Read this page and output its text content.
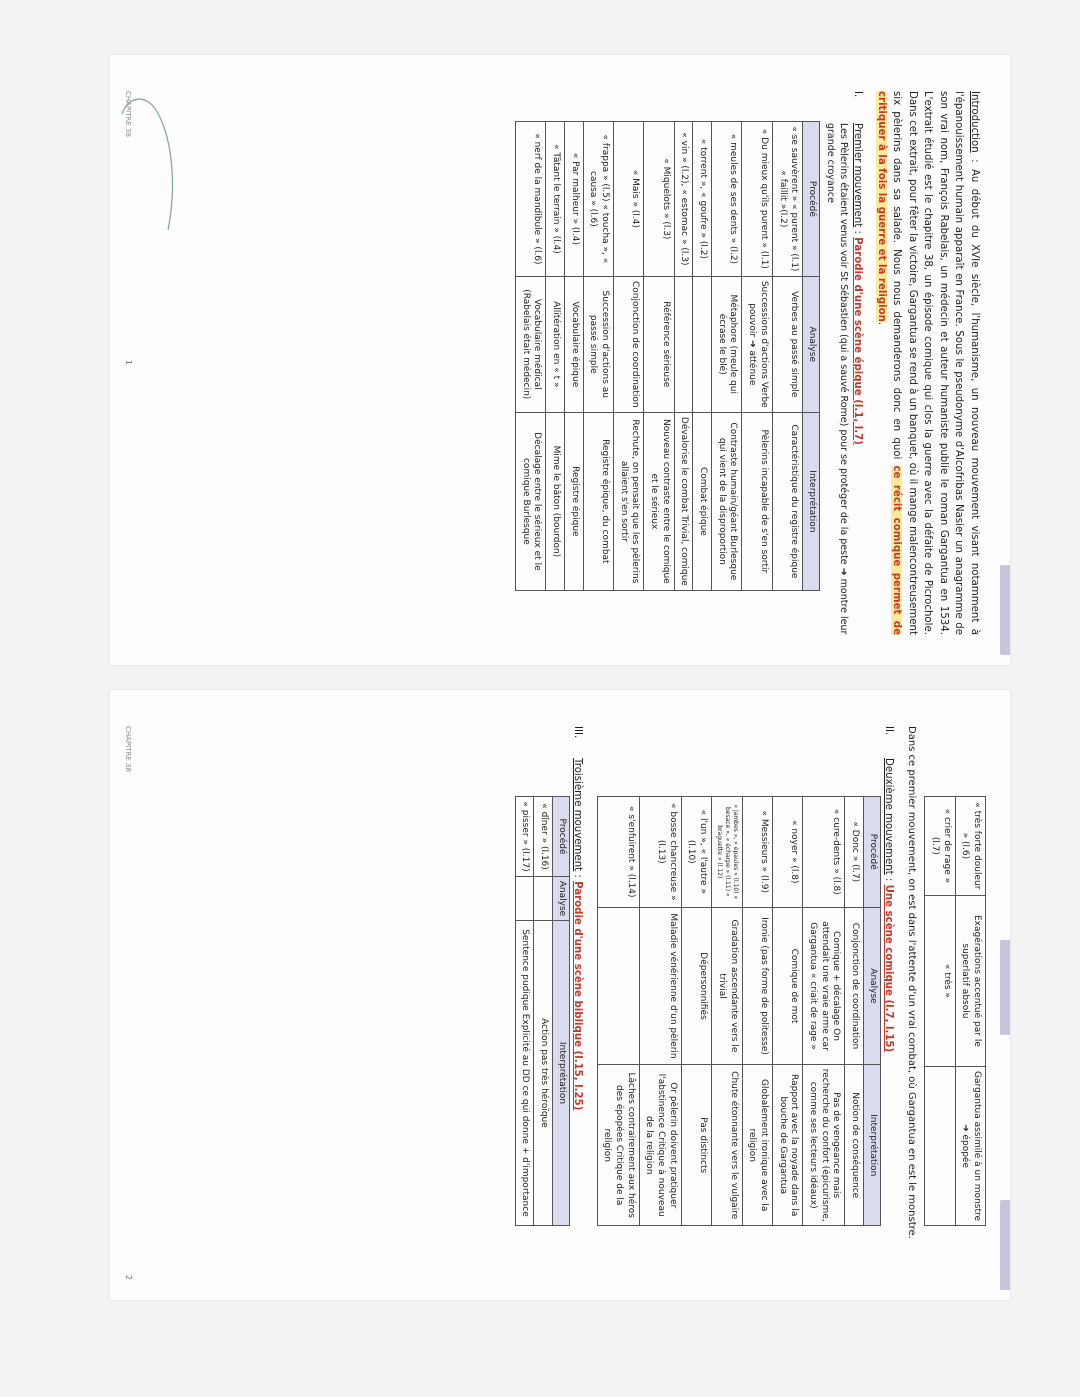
Introduction : Au début du XVIe siècle, l'humanisme, un nouveau mouvement visant notamment à l'épanouissement humain apparaît en France. Sous le pseudonyme d'Alcofribas Nasier un anagramme de son vrai nom, François Rabelais, un médecin et auteur humaniste publie le roman Gargantua en 1534. L'extrait étudié est le chapitre 38, un épisode comique qui clos la guerre avec la défaite de Picrochole. Dans cet extrait, pour fêter la victoire, Gargantua se rend à un banquet, où il mange malencontreusement six pèlerins dans sa salade. Nous nous demanderons donc en quoi ce récit comique permet de critiquer à la fois la guerre et la religion.

I.
Premier mouvement : Parodie d'une scène épique (l.1, l.7)
Les Pèlerins étaient venus voir St Sébastien (qui a sauvé Rome) pour se protéger de la peste ➜ montre leur grande croyance
Procédé	Analyse	Interprétation
« se sauvèrent » « purent » (l.1) « faillit »(l.2)	Verbes au passé simple	Caractéristique du registre épique
« Du mieux qu'ils purent » (l.1)	Successions d'actions Verbe pouvoir ➜ atténue	Pèlerins incapable de s'en sortir
« meules de ses dents » (l.2)	Métaphore (meule qui écrase le blé)	Contraste humain/géant Burlesque qui vient de la disproportion
« torrent », « goufre » (l.2)		Combat épique
« vin » (l.2), « estomac » (l.3)		Dévalorise le combat Trivial, comique
« Miquelots » (l.3)	Référence sérieuse	Nouveau contraste entre le comique et le sérieux
« Mais » (l.4)	Conjonction de coordination	Rechute, on pensait que les pèlerins allaient s'en sortir
« frappa » (l.5) « toucha », « causa » (l.6)	Succession d'actions au passé simple	Registre épique, du combat
« Par malheur » (l.4)	Vocabulaire épique	Registre épique
« Tâtant le terrain » (l.4)	Allitération en « t »	Mime le bâton (bourdon)
« nerf de la mandibule » (l.6)	Vocabulaire médical (Rabelais était médecin)	Décalage entre le sérieux et le comique Burlesque
CHAPITRE 38
1
« très forte douleur » (l.6)	Exagérations accentué par le superlatif absolu	Gargantua assimilé à un monstre ➜ épopée
« crier de rage » (l.7)	« très »	

Dans ce premier mouvement, on est dans l'attente d'un vrai combat, où Gargantua en est le monstre.

II.
Deuxième mouvement : Une scène comique (l.7, l.15)
Procédé	Analyse	Interprétation
« Donc » (l.7)	Conjonction de coordination	Notion de conséquence
« cure-dents » (l.8)	Comique + décalage On attendait une vraie arme car Gargantua « criait de rage »	Pas de vengeance mais recherche du confort (épicurisme, comme ses lecteurs idéaux)
« noyer » (l.8)	Comique de mot	Rapport avec la noyade dans la bouche de Gargantua
« Messieurs » (l.9)	Ironie (pas forme de politesse)	Globalement ironique avec la religion
« jambes », « épaules » (l.10) « besace », « écharpe » (l.11) « braguette » (l.12)	Gradation ascendante vers le trivial	Chute étonnante vers le vulgaire
« l'un », « l'autre » (l.10)	Dépersonnifiés	Pas distincts
« bosse chancreuse » (l.13)	Maladie vénérienne d'un pèlerin	Or pèlerin doivent pratiquer l'abstinence Critique à nouveau de la religion
« s'enfuirent » (l.14)		Lâches contrairement aux héros des épopées Critique de la religion
III.
Troisième mouvement : Parodie d'une scène biblique (l.15, l.25)
Procédé	Analyse	Interprétation
« dîner » (l.16)		Action pas très héroïque
« pisser » (l.17)		Sentence pudique Explicité au DD ce qui donne + d'importance
CHAPITRE 38
2
